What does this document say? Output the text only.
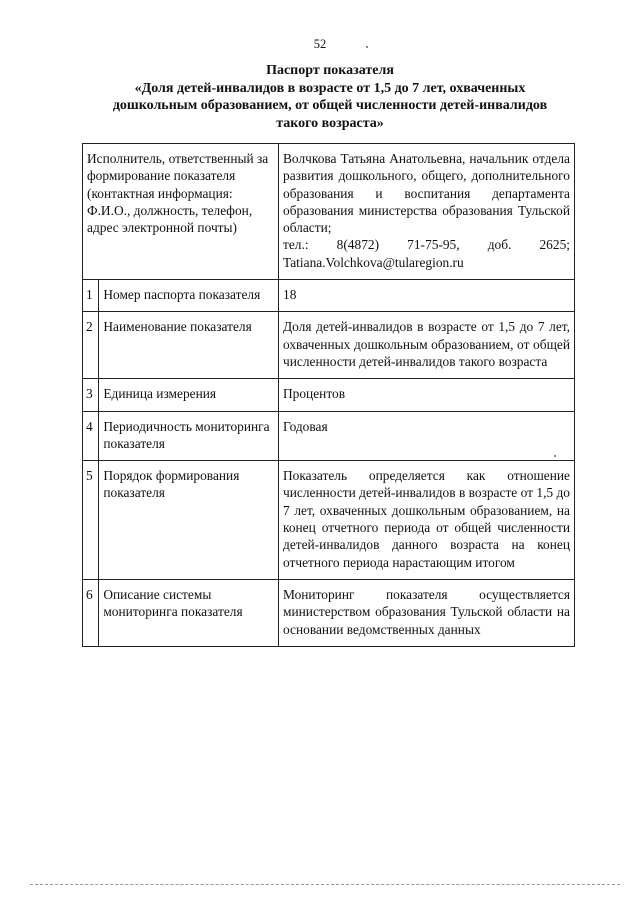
52
Паспорт показателя
«Доля детей-инвалидов в возрасте от 1,5 до 7 лет, охваченных
дошкольным образованием, от общей численности детей-инвалидов
такого возраста»
Исполнитель, ответственный за формирование показателя (контактная информация: Ф.И.О., должность, телефон, адрес электронной почты)		Волчкова Татьяна Анатольевна, начальник отдела развития дошкольного, общего, дополнительного образования и воспитания департамента образования министерства образования Тульской области;
тел.: 8(4872) 71-75-95, доб. 2625;
Tatiana.Volchkova@tularegion.ru

1	Номер паспорта показателя	18
2	Наименование показателя	Доля детей-инвалидов в возрасте от 1,5 до 7 лет, охваченных дошкольным образованием, от общей численности детей-инвалидов такого возраста
3	Единица измерения	Процентов
4	Периодичность мониторинга показателя	Годовая
5	Порядок формирования показателя	Показатель определяется как отношение численности детей-инвалидов в возрасте от 1,5 до 7 лет, охваченных дошкольным образованием, на конец отчетного периода от общей численности детей-инвалидов данного возраста на конец отчетного периода нарастающим итогом
6	Описание системы мониторинга показателя	Мониторинг показателя осуществляется министерством образования Тульской области на основании ведомственных данных
